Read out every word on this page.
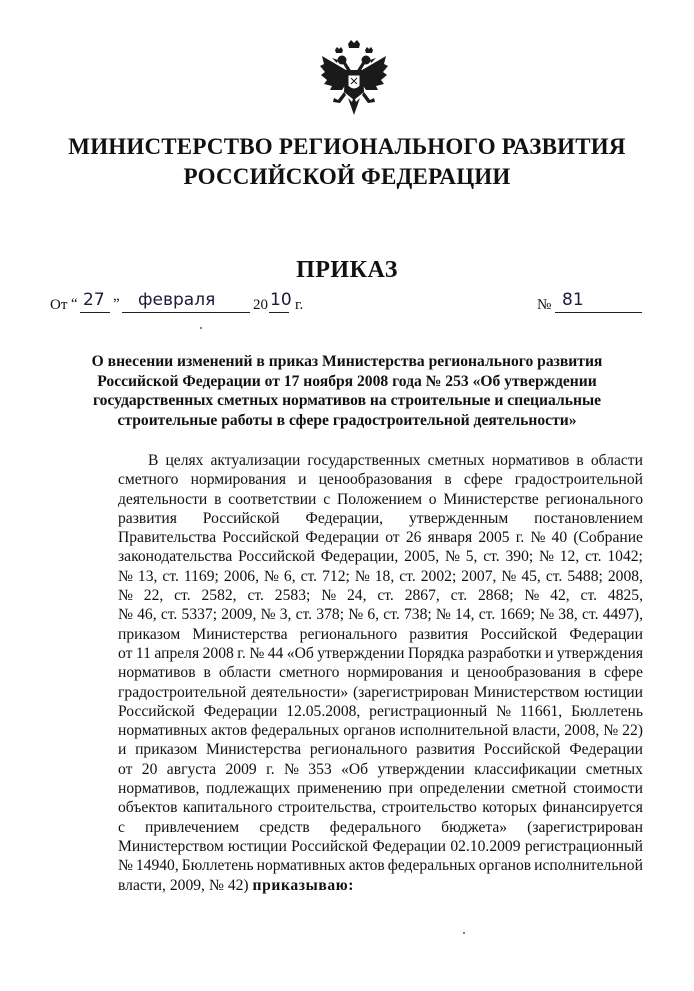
МИНИСТЕРСТВО РЕГИОНАЛЬНОГО РАЗВИТИЯ
РОССИЙСКОЙ ФЕДЕРАЦИИ
ПРИКАЗ
От “ 27 ” февраля	20 10 г.	№ 81
О внесении изменений в приказ Министерства регионального развития
Российской Федерации от 17 ноября 2008 года № 253 «Об утверждении
государственных сметных нормативов на строительные и специальные
строительные работы в сфере градостроительной деятельности»
В целях актуализации государственных сметных нормативов в области
сметного нормирования и ценообразования в сфере градостроительной
деятельности в соответствии с Положением о Министерстве регионального
развития Российской Федерации, утвержденным постановлением
Правительства Российской Федерации от 26 января 2005 г. № 40 (Собрание
законодательства Российской Федерации, 2005, № 5, ст. 390; № 12, ст. 1042;
№ 13, ст. 1169; 2006, № 6, ст. 712; № 18, ст. 2002; 2007, № 45, ст. 5488; 2008,
№ 22, ст. 2582, ст. 2583; № 24, ст. 2867, ст. 2868; № 42, ст. 4825,
№ 46, ст. 5337; 2009, № 3, ст. 378; № 6, ст. 738; № 14, ст. 1669; № 38, ст. 4497),
приказом Министерства регионального развития Российской Федерации
от 11 апреля 2008 г. № 44 «Об утверждении Порядка разработки и утверждения
нормативов в области сметного нормирования и ценообразования в сфере
градостроительной деятельности» (зарегистрирован Министерством юстиции
Российской Федерации 12.05.2008, регистрационный № 11661, Бюллетень
нормативных актов федеральных органов исполнительной власти, 2008, № 22)
и приказом Министерства регионального развития Российской Федерации
от 20 августа 2009 г. № 353 «Об утверждении классификации сметных
нормативов, подлежащих применению при определении сметной стоимости
объектов капитального строительства, строительство которых финансируется
с привлечением средств федерального бюджета» (зарегистрирован
Министерством юстиции Российской Федерации 02.10.2009 регистрационный
№ 14940, Бюллетень нормативных актов федеральных органов исполнительной
власти, 2009, № 42)
приказываю:
